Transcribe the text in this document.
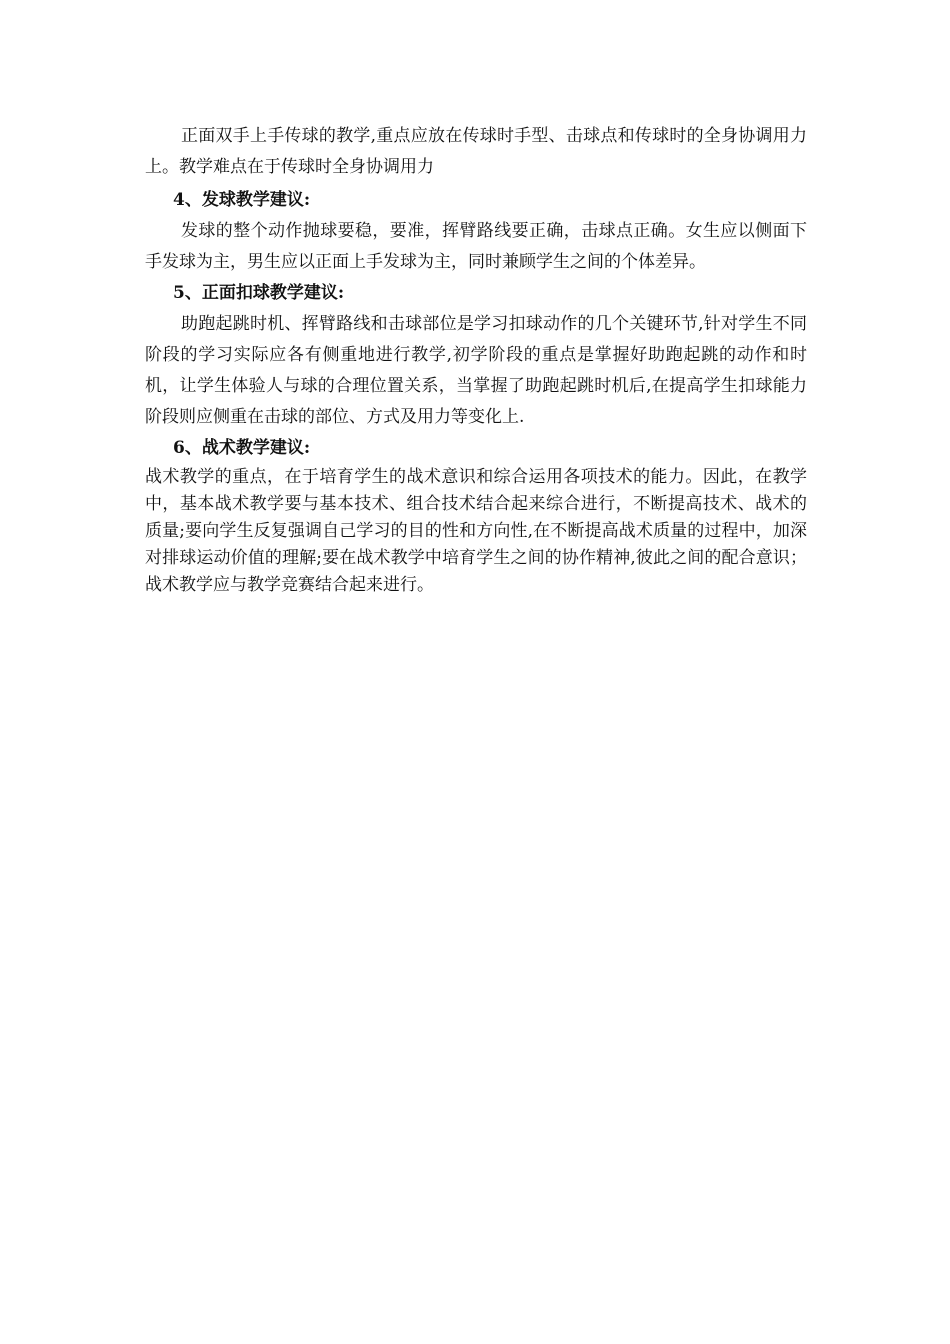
正面双手上手传球的教学,重点应放在传球时手型、击球点和传球时的全身协调用力上。教学难点在于传球时全身协调用力

4、发球教学建议:

发球的整个动作抛球要稳，要准，挥臂路线要正确，击球点正确。女生应以侧面下手发球为主，男生应以正面上手发球为主，同时兼顾学生之间的个体差异。

5、正面扣球教学建议:

助跑起跳时机、挥臂路线和击球部位是学习扣球动作的几个关键环节,针对学生不同阶段的学习实际应各有侧重地进行教学,初学阶段的重点是掌握好助跑起跳的动作和时机，让学生体验人与球的合理位置关系，当掌握了助跑起跳时机后,在提高学生扣球能力阶段则应侧重在击球的部位、方式及用力等变化上.

6、战术教学建议:

战术教学的重点，在于培育学生的战术意识和综合运用各项技术的能力。因此，在教学中，基本战术教学要与基本技术、组合技术结合起来综合进行，不断提高技术、战术的质量;要向学生反复强调自己学习的目的性和方向性,在不断提高战术质量的过程中，加深对排球运动价值的理解;要在战术教学中培育学生之间的协作精神,彼此之间的配合意识；战术教学应与教学竞赛结合起来进行。
